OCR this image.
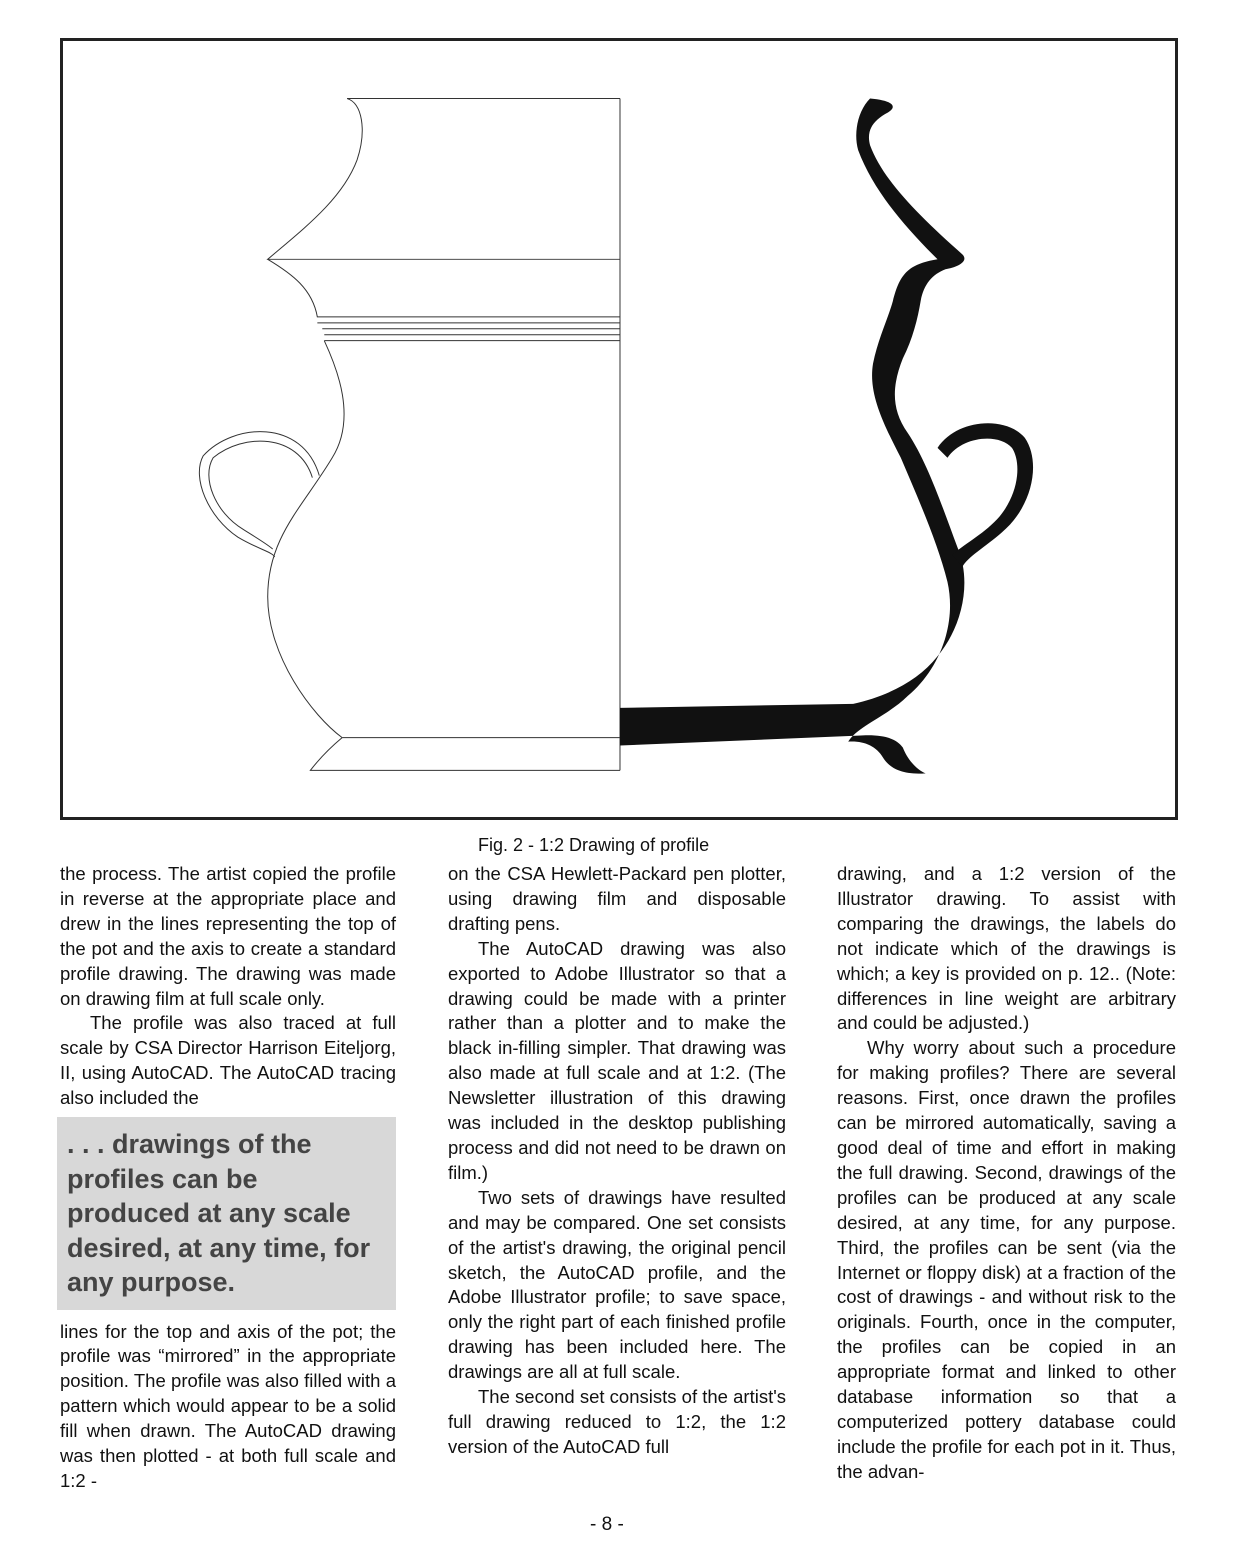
Fig. 2 - 1:2 Drawing of profile

the process. The artist copied the profile in reverse at the appropriate place and drew in the lines representing the top of the pot and the axis to create a standard profile drawing. The drawing was made on drawing film at full scale only.

The profile was also traced at full scale by CSA Director Harrison Eiteljorg, II, using AutoCAD. The AutoCAD tracing also included the

. . . drawings of the profiles can be produced at any scale desired, at any time, for any purpose.

lines for the top and axis of the pot; the profile was “mirrored” in the appropriate position. The profile was also filled with a pattern which would appear to be a solid fill when drawn. The AutoCAD drawing was then plotted - at both full scale and 1:2 -

on the CSA Hewlett-Packard pen plotter, using drawing film and disposable drafting pens.

The AutoCAD drawing was also exported to Adobe Illustrator so that a drawing could be made with a printer rather than a plotter and to make the black in-filling simpler. That drawing was also made at full scale and at 1:2. (The Newsletter illustration of this drawing was included in the desktop publishing process and did not need to be drawn on film.)

Two sets of drawings have resulted and may be compared. One set consists of the artist's drawing, the original pencil sketch, the AutoCAD profile, and the Adobe Illustrator profile; to save space, only the right part of each finished profile drawing has been included here. The drawings are all at full scale.

The second set consists of the artist's full drawing reduced to 1:2, the 1:2 version of the AutoCAD full

drawing, and a 1:2 version of the Illustrator drawing. To assist with comparing the drawings, the labels do not indicate which of the drawings is which; a key is provided on p. 12.. (Note: differences in line weight are arbitrary and could be adjusted.)

Why worry about such a procedure for making profiles? There are several reasons. First, once drawn the profiles can be mirrored automatically, saving a good deal of time and effort in making the full drawing. Second, drawings of the profiles can be produced at any scale desired, at any time, for any purpose. Third, the profiles can be sent (via the Internet or floppy disk) at a fraction of the cost of drawings - and without risk to the originals. Fourth, once in the computer, the profiles can be copied in an appropriate format and linked to other database information so that a computerized pottery database could include the profile for each pot in it. Thus, the advan-

- 8 -
